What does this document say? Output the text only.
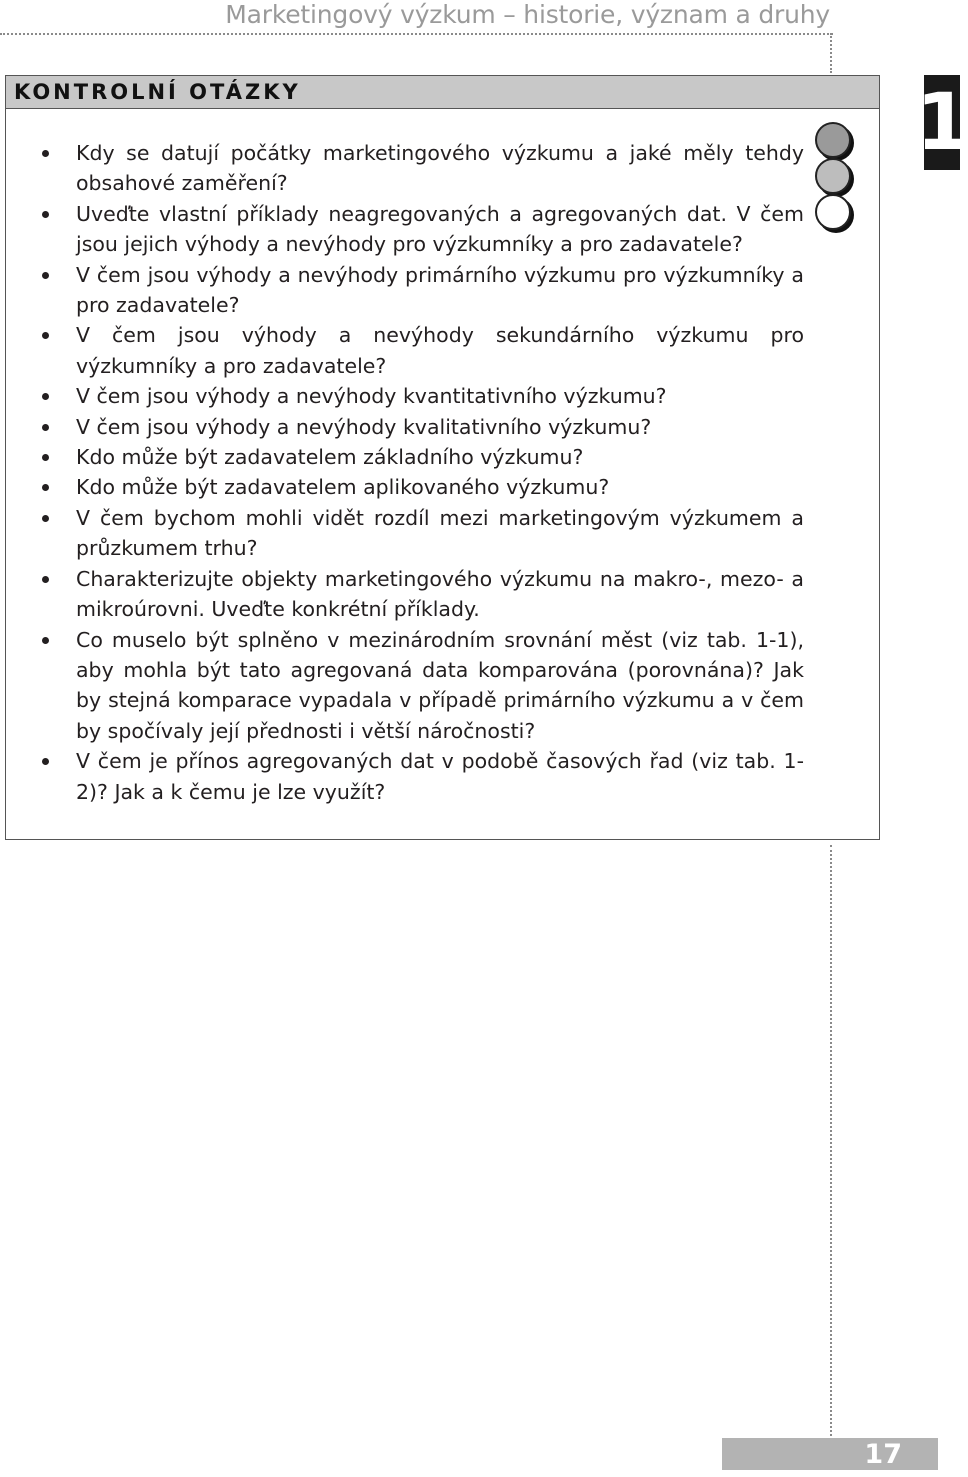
Marketingový výzkum – historie, význam a druhy
KONTROLNÍ OTÁZKY
Kdy se datují počátky marketingového výzkumu a jaké měly tehdy obsahové zaměření?
Uveďte vlastní příklady neagregovaných a agregovaných dat. V čem jsou jejich výhody a nevýhody pro výzkumníky a pro zadavatele?
V čem jsou výhody a nevýhody primárního výzkumu pro výzkumníky a pro zadavatele?
V čem jsou výhody a nevýhody sekundárního výzkumu pro výzkumníky a pro zadavatele?
V čem jsou výhody a nevýhody kvantitativního výzkumu?
V čem jsou výhody a nevýhody kvalitativního výzkumu?
Kdo může být zadavatelem základního výzkumu?
Kdo může být zadavatelem aplikovaného výzkumu?
V čem bychom mohli vidět rozdíl mezi marketingovým výzkumem a průzkumem trhu?
Charakterizujte objekty marketingového výzkumu na makro-, mezo- a mikroúrovni. Uveďte konkrétní příklady.
Co muselo být splněno v mezinárodním srovnání měst (viz tab. 1-1), aby mohla být tato agregovaná data komparována (porovnána)? Jak by stejná komparace vypadala v případě primárního výzkumu a v čem by spočívaly její přednosti i větší náročnosti?
V čem je přínos agregovaných dat v podobě časových řad (viz tab. 1-2)? Jak a k čemu je lze využít?
1
17
